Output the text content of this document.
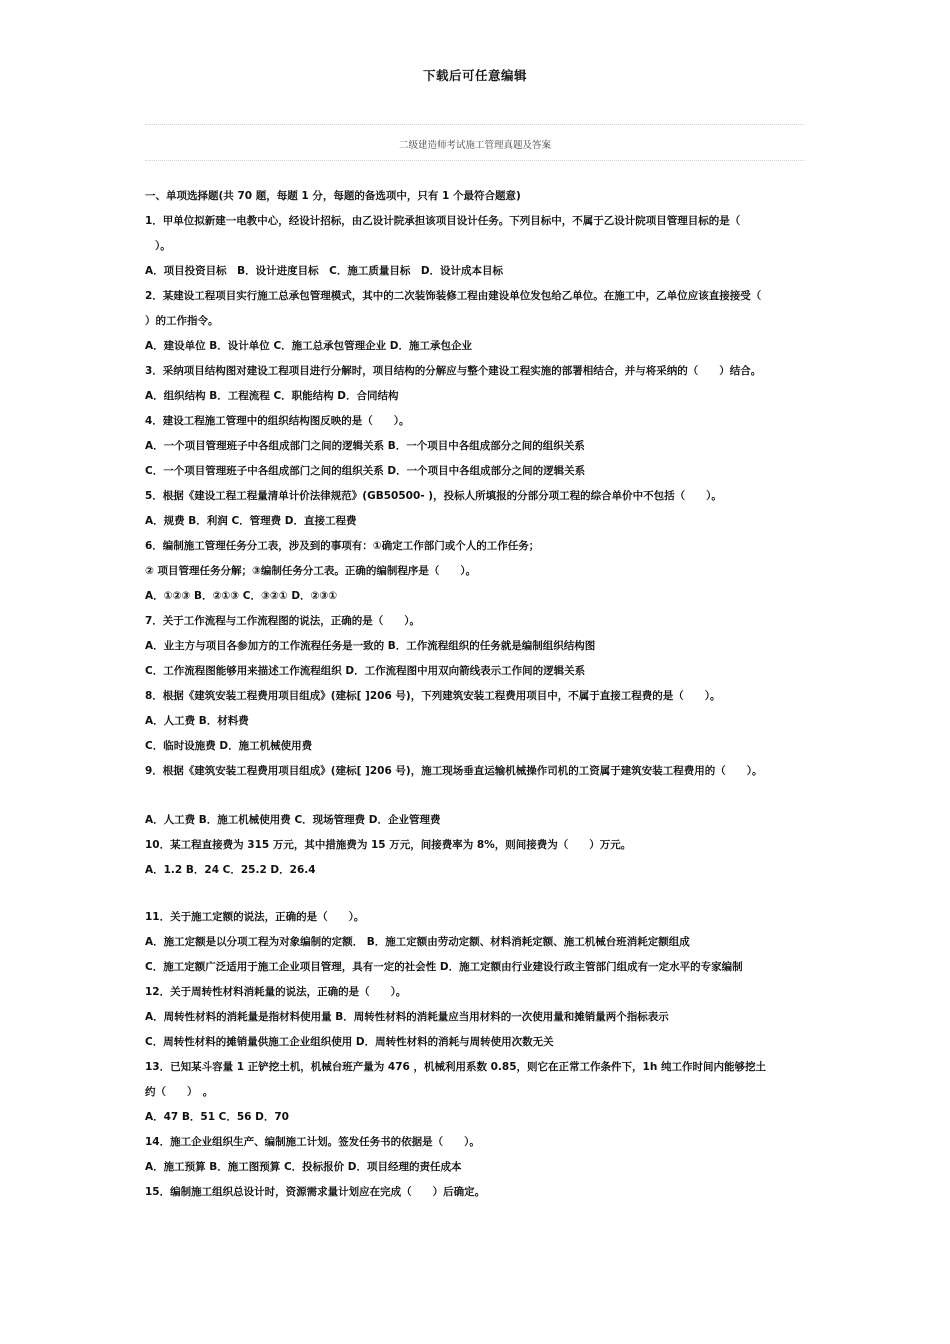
下载后可任意编辑
二级建造师考试施工管理真题及答案
一、单项选择题(共 70 题，每题 1 分，每题的备选项中，只有 1 个最符合题意)
1．甲单位拟新建一电教中心，经设计招标，由乙设计院承担该项目设计任务。下列目标中，不属于乙设计院项目管理目标的是（
）。
A．项目投资目标　B．设计进度目标　C．施工质量目标　D．设计成本目标
2．某建设工程项目实行施工总承包管理模式，其中的二次装饰装修工程由建设单位发包给乙单位。在施工中，乙单位应该直接接受（
）的工作指令。
A．建设单位 B．设计单位 C．施工总承包管理企业 D．施工承包企业
3．采纳项目结构图对建设工程项目进行分解时，项目结构的分解应与整个建设工程实施的部署相结合，并与将采纳的（　　）结合。
A．组织结构 B．工程流程 C．职能结构 D．合同结构
4．建设工程施工管理中的组织结构图反映的是（　　）。
A．一个项目管理班子中各组成部门之间的逻辑关系 B．一个项目中各组成部分之间的组织关系
C．一个项目管理班子中各组成部门之间的组织关系 D．一个项目中各组成部分之间的逻辑关系
5．根据《建设工程工程量清单计价法律规范》(GB50500- )，投标人所填报的分部分项工程的综合单价中不包括（　　）。
A．规费 B．利润 C．管理费 D．直接工程费
6．编制施工管理任务分工表，涉及到的事项有：①确定工作部门或个人的工作任务；
② 项目管理任务分解；③编制任务分工表。正确的编制程序是（　　）。
A．①②③ B．②①③ C．③②① D．②③①
7．关于工作流程与工作流程图的说法，正确的是（　　）。
A．业主方与项目各参加方的工作流程任务是一致的 B．工作流程组织的任务就是编制组织结构图
C．工作流程图能够用来描述工作流程组织 D．工作流程图中用双向箭线表示工作间的逻辑关系
8．根据《建筑安装工程费用项目组成》(建标[ ]206 号)，下列建筑安装工程费用项目中，不属于直接工程费的是（　　）。
A．人工费 B．材料费
C．临时设施费 D．施工机械使用费
9．根据《建筑安装工程费用项目组成》(建标[ ]206 号)，施工现场垂直运输机械操作司机的工资属于建筑安装工程费用的（　　）。
A．人工费 B．施工机械使用费 C．现场管理费 D．企业管理费
10．某工程直接费为 315 万元，其中措施费为 15 万元，间接费率为 8%，则间接费为（　　）万元。
A．1.2 B．24 C．25.2 D．26.4
11．关于施工定额的说法，正确的是（　　）。
A．施工定额是以分项工程为对象编制的定额． B．施工定额由劳动定额、材料消耗定额、施工机械台班消耗定额组成
C．施工定额广泛适用于施工企业项目管理，具有一定的社会性 D．施工定额由行业建设行政主管部门组成有一定水平的专家编制
12．关于周转性材料消耗量的说法，正确的是（　　）。
A．周转性材料的消耗量是指材料使用量 B．周转性材料的消耗量应当用材料的一次使用量和摊销量两个指标表示
C．周转性材料的摊销量供施工企业组织使用 D．周转性材料的消耗与周转使用次数无关
13．已知某斗容量 1 正铲挖土机，机械台班产量为 476 ，机械利用系数 0.85，则它在正常工作条件下，1h 纯工作时间内能够挖土
约（　　）　。
A．47 B．51 C．56 D．70
14．施工企业组织生产、编制施工计划。签发任务书的依据是（　　）。
A．施工预算 B．施工图预算 C．投标报价 D．项目经理的责任成本
15．编制施工组织总设计时，资源需求量计划应在完成（　　）后确定。
